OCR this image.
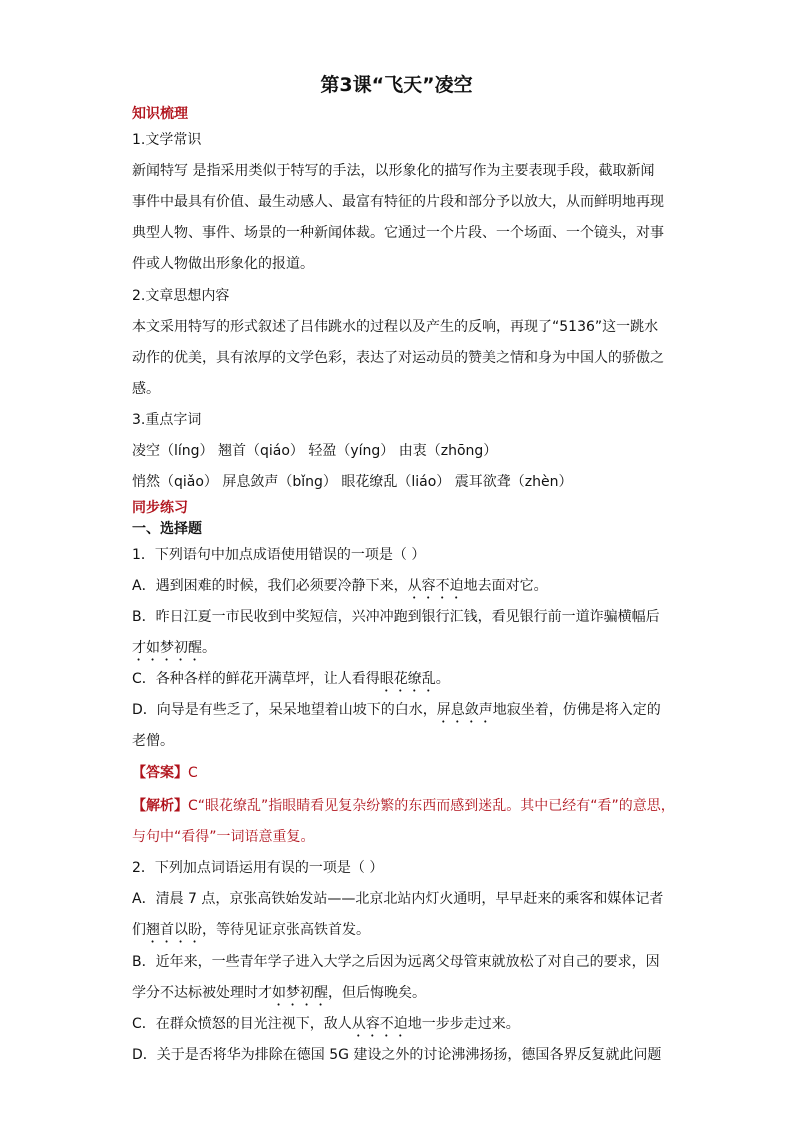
第3课“飞天”凌空
知识梳理
1.文学常识
新闻特写 是指采用类似于特写的手法，以形象化的描写作为主要表现手段，截取新闻
事件中最具有价值、最生动感人、最富有特征的片段和部分予以放大，从而鲜明地再现
典型人物、事件、场景的一种新闻体裁。它通过一个片段、一个场面、一个镜头，对事
件或人物做出形象化的报道。
2.文章思想内容
本文采用特写的形式叙述了吕伟跳水的过程以及产生的反响，再现了“5136”这一跳水
动作的优美，具有浓厚的文学色彩，表达了对运动员的赞美之情和身为中国人的骄傲之
感。
3.重点字词
凌空（líng） 翘首（qiáo） 轻盈（yíng） 由衷（zhōng）
悄然（qiǎo） 屏息敛声（bǐng） 眼花缭乱（liáo） 震耳欲聋（zhèn）
同步练习
一、选择题
1．下列语句中加点成语使用错误的一项是（ ）
A．遇到困难的时候，我们必须要冷静下来，从容不迫地去面对它。
B．昨日江夏一市民收到中奖短信，兴冲冲跑到银行汇钱，看见银行前一道诈骗横幅后
才如梦初醒。
C．各种各样的鲜花开满草坪，让人看得眼花缭乱。
D．向导是有些乏了，呆呆地望着山坡下的白水，屏息敛声地寂坐着，仿佛是将入定的
老僧。
【答案】C
【解析】C“眼花缭乱”指眼睛看见复杂纷繁的东西而感到迷乱。其中已经有“看”的意思，
与句中“看得”一词语意重复。
2．下列加点词语运用有误的一项是（ ）
A．清晨 7 点，京张高铁始发站——北京北站内灯火通明，早早赶来的乘客和媒体记者
们翘首以盼，等待见证京张高铁首发。
B．近年来，一些青年学子进入大学之后因为远离父母管束就放松了对自己的要求，因
学分不达标被处理时才如梦初醒，但后悔晚矣。
C．在群众愤怒的目光注视下，敌人从容不迫地一步步走过来。
D．关于是否将华为排除在德国 5G 建设之外的讨论沸沸扬扬，德国各界反复就此问题
